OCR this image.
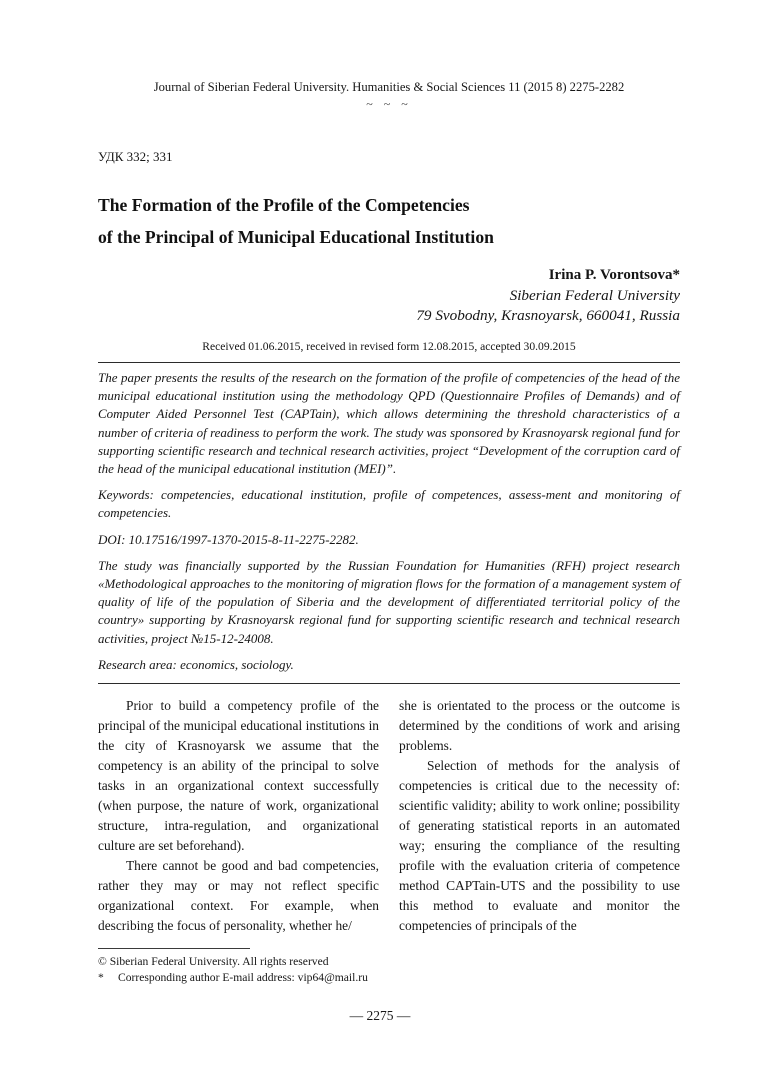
Journal of Siberian Federal University. Humanities & Social Sciences 11 (2015 8) 2275-2282
~ ~ ~
УДК 332; 331
The Formation of the Profile of the Competencies
of the Principal of Municipal Educational Institution
Irina P. Vorontsova*
Siberian Federal University
79 Svobodny, Krasnoyarsk, 660041, Russia
Received 01.06.2015, received in revised form 12.08.2015, accepted 30.09.2015
The paper presents the results of the research on the formation of the profile of competencies of the head of the municipal educational institution using the methodology QPD (Questionnaire Profiles of Demands) and of Computer Aided Personnel Test (CAPTain), which allows determining the threshold characteristics of a number of criteria of readiness to perform the work. The study was sponsored by Krasnoyarsk regional fund for supporting scientific research and technical research activities, project “Development of the corruption card of the head of the municipal educational institution (MEI)”.
Keywords: competencies, educational institution, profile of competences, assess-ment and monitoring of competencies.
DOI: 10.17516/1997-1370-2015-8-11-2275-2282.
The study was financially supported by the Russian Foundation for Humanities (RFH) project research «Methodological approaches to the monitoring of migration flows for the formation of a management system of quality of life of the population of Siberia and the development of differentiated territorial policy of the country» supporting by Krasnoyarsk regional fund for supporting scientific research and technical research activities, project №15-12-24008.
Research area: economics, sociology.

Prior to build a competency profile of the principal of the municipal educational institutions in the city of Krasnoyarsk we assume that the competency is an ability of the principal to solve tasks in an organizational context successfully (when purpose, the nature of work, organizational structure, intra-regulation, and organizational culture are set beforehand).

There cannot be good and bad competencies, rather they may or may not reflect specific organizational context. For example, when describing the focus of personality, whether he/

she is orientated to the process or the outcome is determined by the conditions of work and arising problems.

Selection of methods for the analysis of competencies is critical due to the necessity of: scientific validity; ability to work online; possibility of generating statistical reports in an automated way; ensuring the compliance of the resulting profile with the evaluation criteria of competence method CAPTain-UTS and the possibility to use this method to evaluate and monitor the competencies of principals of the

© Siberian Federal University. All rights reserved
*	Corresponding author E-mail address: vip64@mail.ru
— 2275 —
